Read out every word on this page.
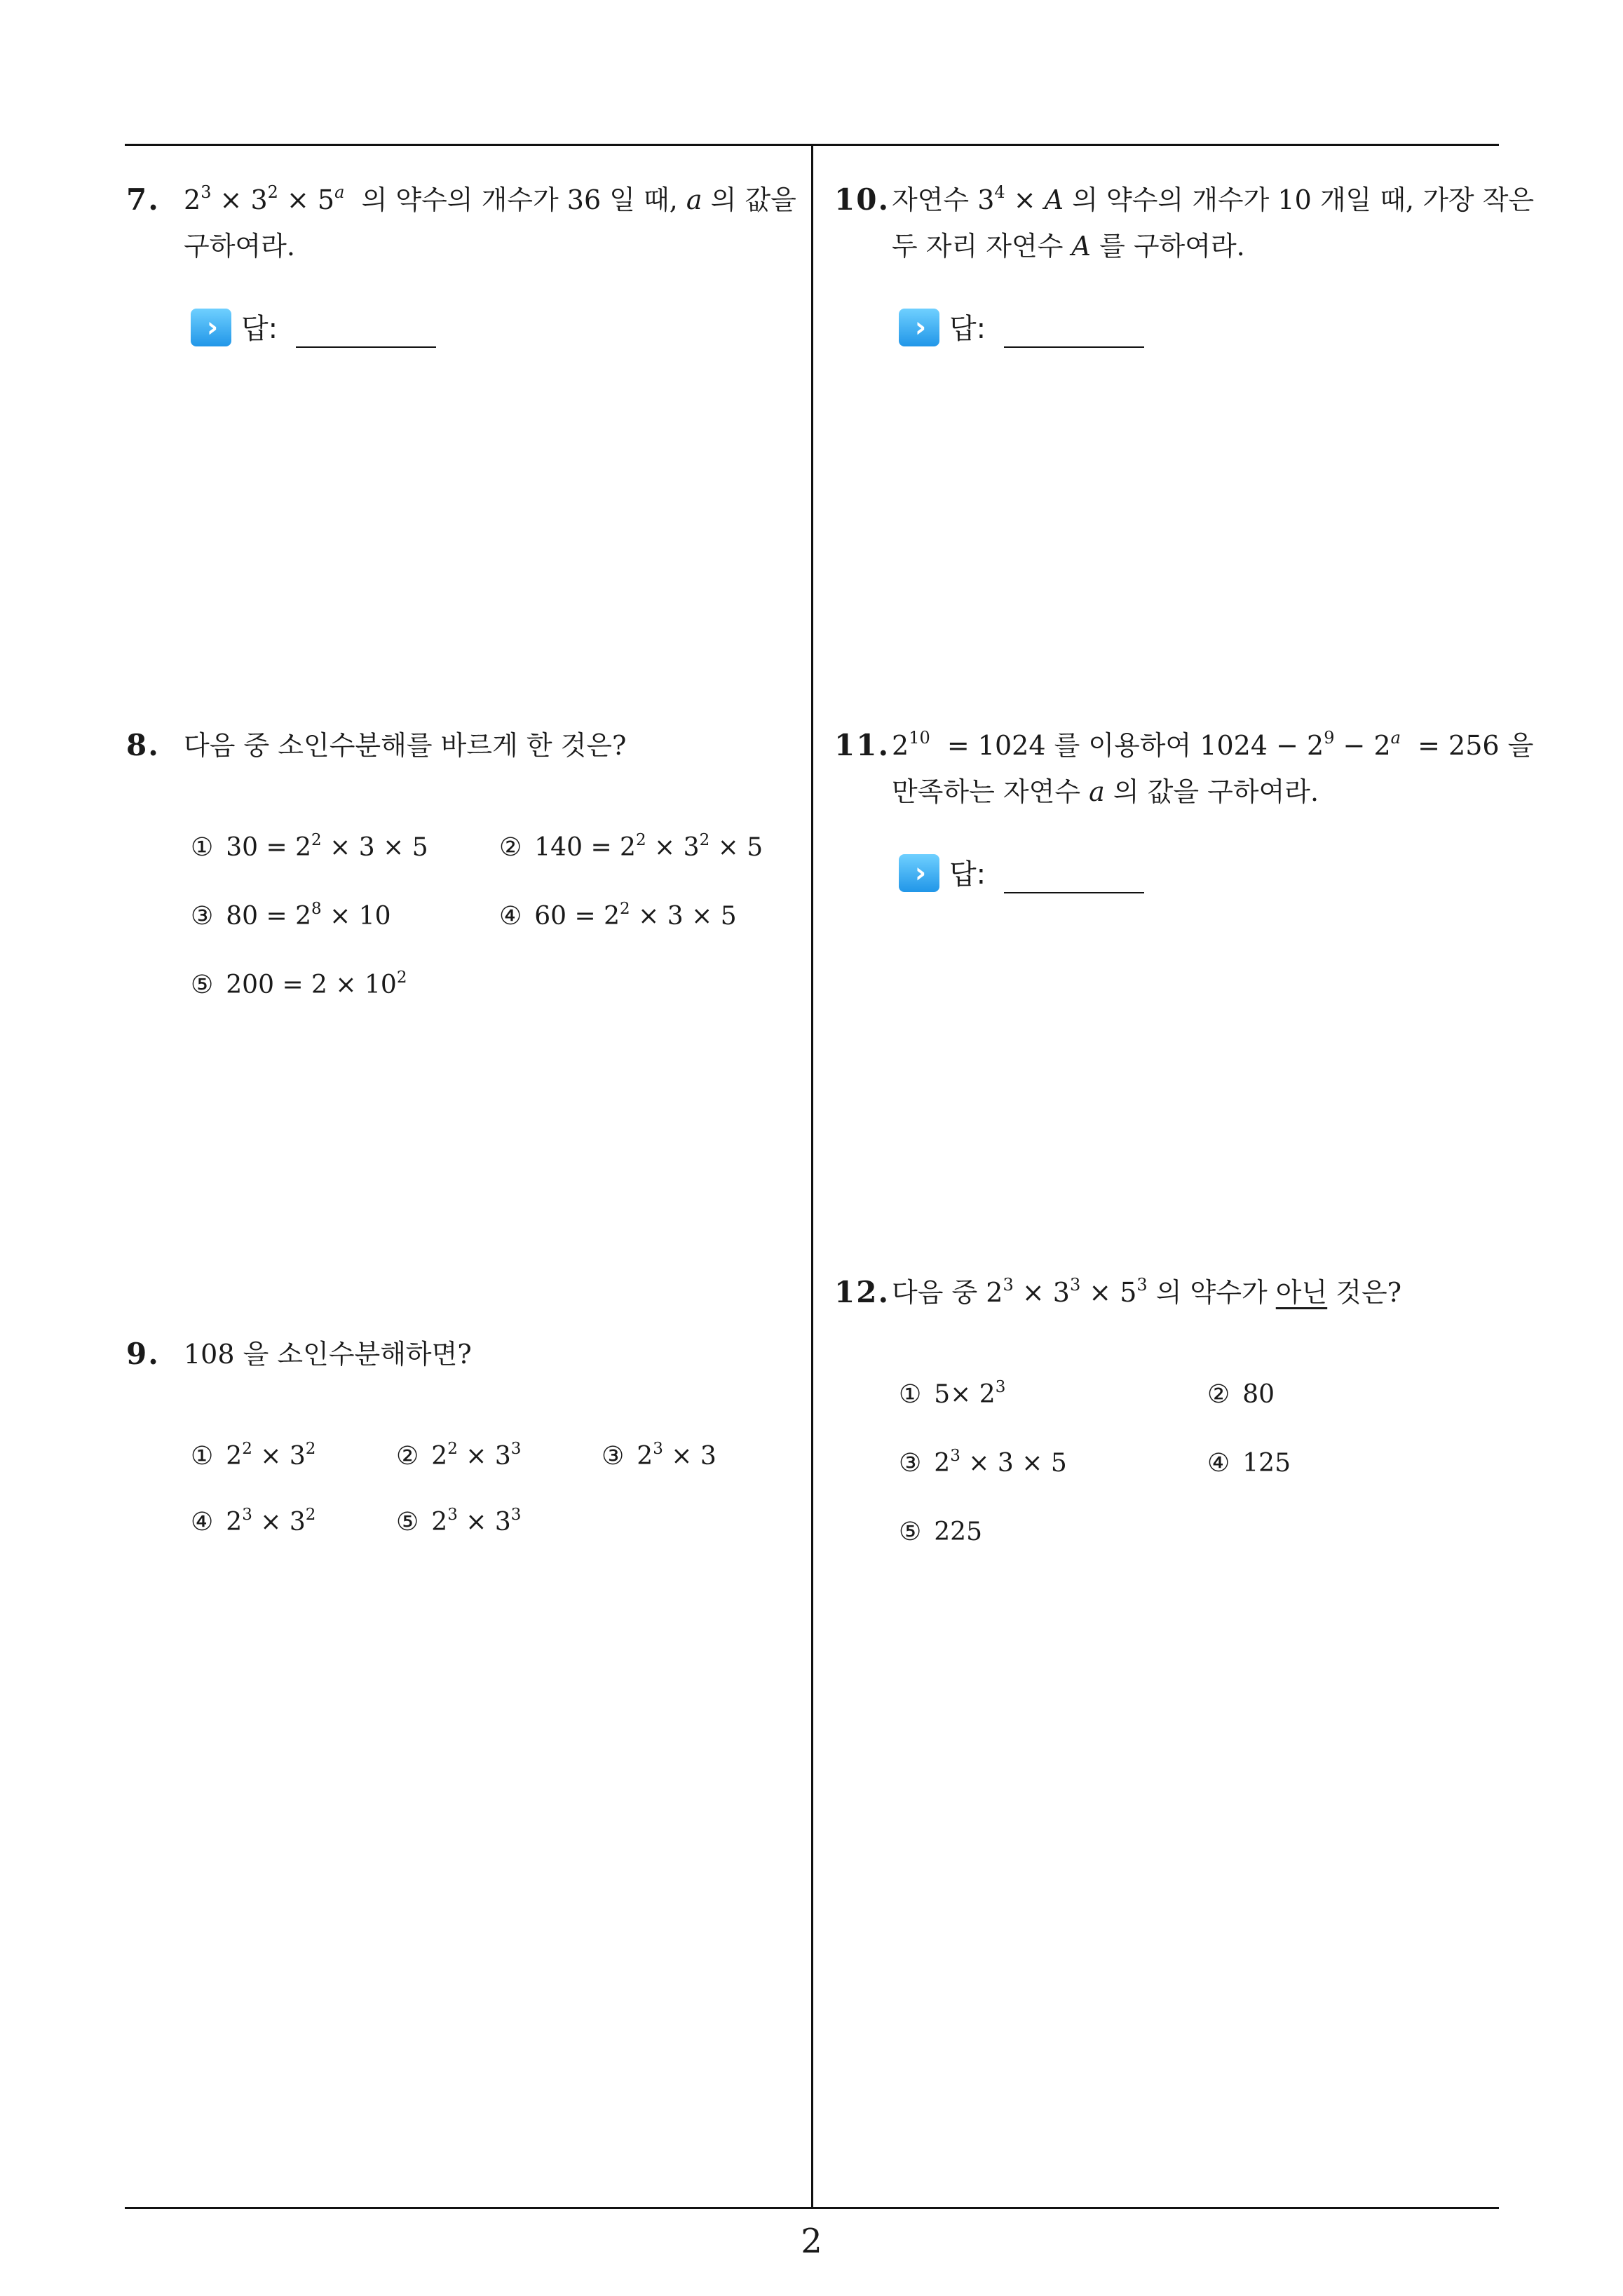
7. $2^3 \times 3^2 \times 5^a$  의 약수의 개수가 36 일 때, a 의 값을
구하여라.
› 답:
8. 다음 중 소인수분해를 바르게 한 것은?
① $30 = 2^2 \times 3 \times 5$	② $140 = 2^2 \times 3^2 \times 5$
③ $80 = 2^8 \times 10$	④ $60 = 2^2 \times 3 \times 5$
⑤ $200 = 2 \times 10^2$
9. 108 을 소인수분해하면?
① $2^2 \times 3^2$	② $2^2 \times 3^3$	③ $2^3 \times 3$
④ $2^3 \times 3^2$	⑤ $2^3 \times 3^3$
10. 자연수 $3^4 \times A$ 의 약수의 개수가 10 개일 때, 가장 작은
두 자리 자연수 A 를 구하여라.
› 답:
11. $2^{10} = 1024$ 를 이용하여 $1024 - 2^9 - 2^a = 256$ 을
만족하는 자연수 a 의 값을 구하여라.
› 답:
12. 다음 중 $2^3 \times 3^3 \times 5^3$ 의 약수가 아닌 것은?
① $5\times 2^3$	② 80
③ $2^3 \times 3 \times 5$	④ 125
⑤ 225
2
